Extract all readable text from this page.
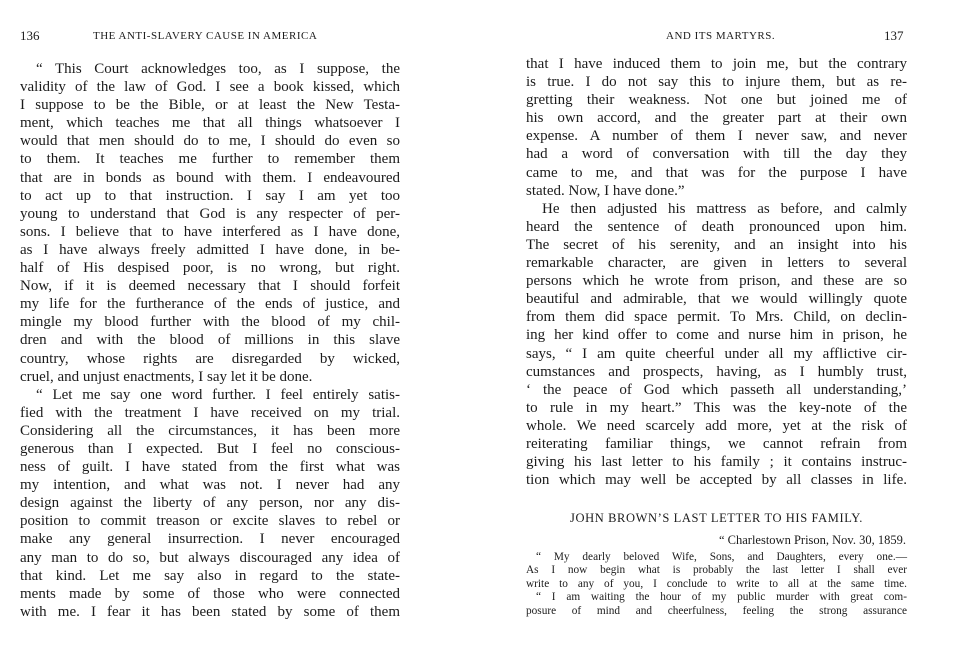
136	THE ANTI-SLAVERY CAUSE IN AMERICA
“ This Court acknowledges too, as I suppose, the
validity of the law of God. I see a book kissed, which
I suppose to be the Bible, or at least the New Testa-
ment, which teaches me that all things whatsoever I
would that men should do to me, I should do even so
to them. It teaches me further to remember them
that are in bonds as bound with them. I endeavoured
to act up to that instruction. I say I am yet too
young to understand that God is any respecter of per-
sons. I believe that to have interfered as I have done,
as I have always freely admitted I have done, in be-
half of His despised poor, is no wrong, but right.
Now, if it is deemed necessary that I should forfeit
my life for the furtherance of the ends of justice, and
mingle my blood further with the blood of my chil-
dren and with the blood of millions in this slave
country, whose rights are disregarded by wicked,
cruel, and unjust enactments, I say let it be done.
“ Let me say one word further. I feel entirely satis-
fied with the treatment I have received on my trial.
Considering all the circumstances, it has been more
generous than I expected. But I feel no conscious-
ness of guilt. I have stated from the first what was
my intention, and what was not. I never had any
design against the liberty of any person, nor any dis-
position to commit treason or excite slaves to rebel or
make any general insurrection. I never encouraged
any man to do so, but always discouraged any idea of
that kind. Let me say also in regard to the state-
ments made by some of those who were connected
with me. I fear it has been stated by some of them
AND ITS MARTYRS.	137
that I have induced them to join me, but the contrary
is true. I do not say this to injure them, but as re-
gretting their weakness. Not one but joined me of
his own accord, and the greater part at their own
expense. A number of them I never saw, and never
had a word of conversation with till the day they
came to me, and that was for the purpose I have
stated. Now, I have done.”
He then adjusted his mattress as before, and calmly
heard the sentence of death pronounced upon him.
The secret of his serenity, and an insight into his
remarkable character, are given in letters to several
persons which he wrote from prison, and these are so
beautiful and admirable, that we would willingly quote
from them did space permit. To Mrs. Child, on declin-
ing her kind offer to come and nurse him in prison, he
says, “ I am quite cheerful under all my afflictive cir-
cumstances and prospects, having, as I humbly trust,
‘ the peace of God which passeth all understanding,’
to rule in my heart.” This was the key-note of the
whole. We need scarcely add more, yet at the risk of
reiterating familiar things, we cannot refrain from
giving his last letter to his family ; it contains instruc-
tion which may well be accepted by all classes in life.
JOHN BROWN’S LAST LETTER TO HIS FAMILY.
“ Charlestown Prison, Nov. 30, 1859.
“ My dearly beloved Wife, Sons, and Daughters, every one.—
As I now begin what is probably the last letter I shall ever
write to any of you, I conclude to write to all at the same time.
“ I am waiting the hour of my public murder with great com-
posure of mind and cheerfulness, feeling the strong assurance
